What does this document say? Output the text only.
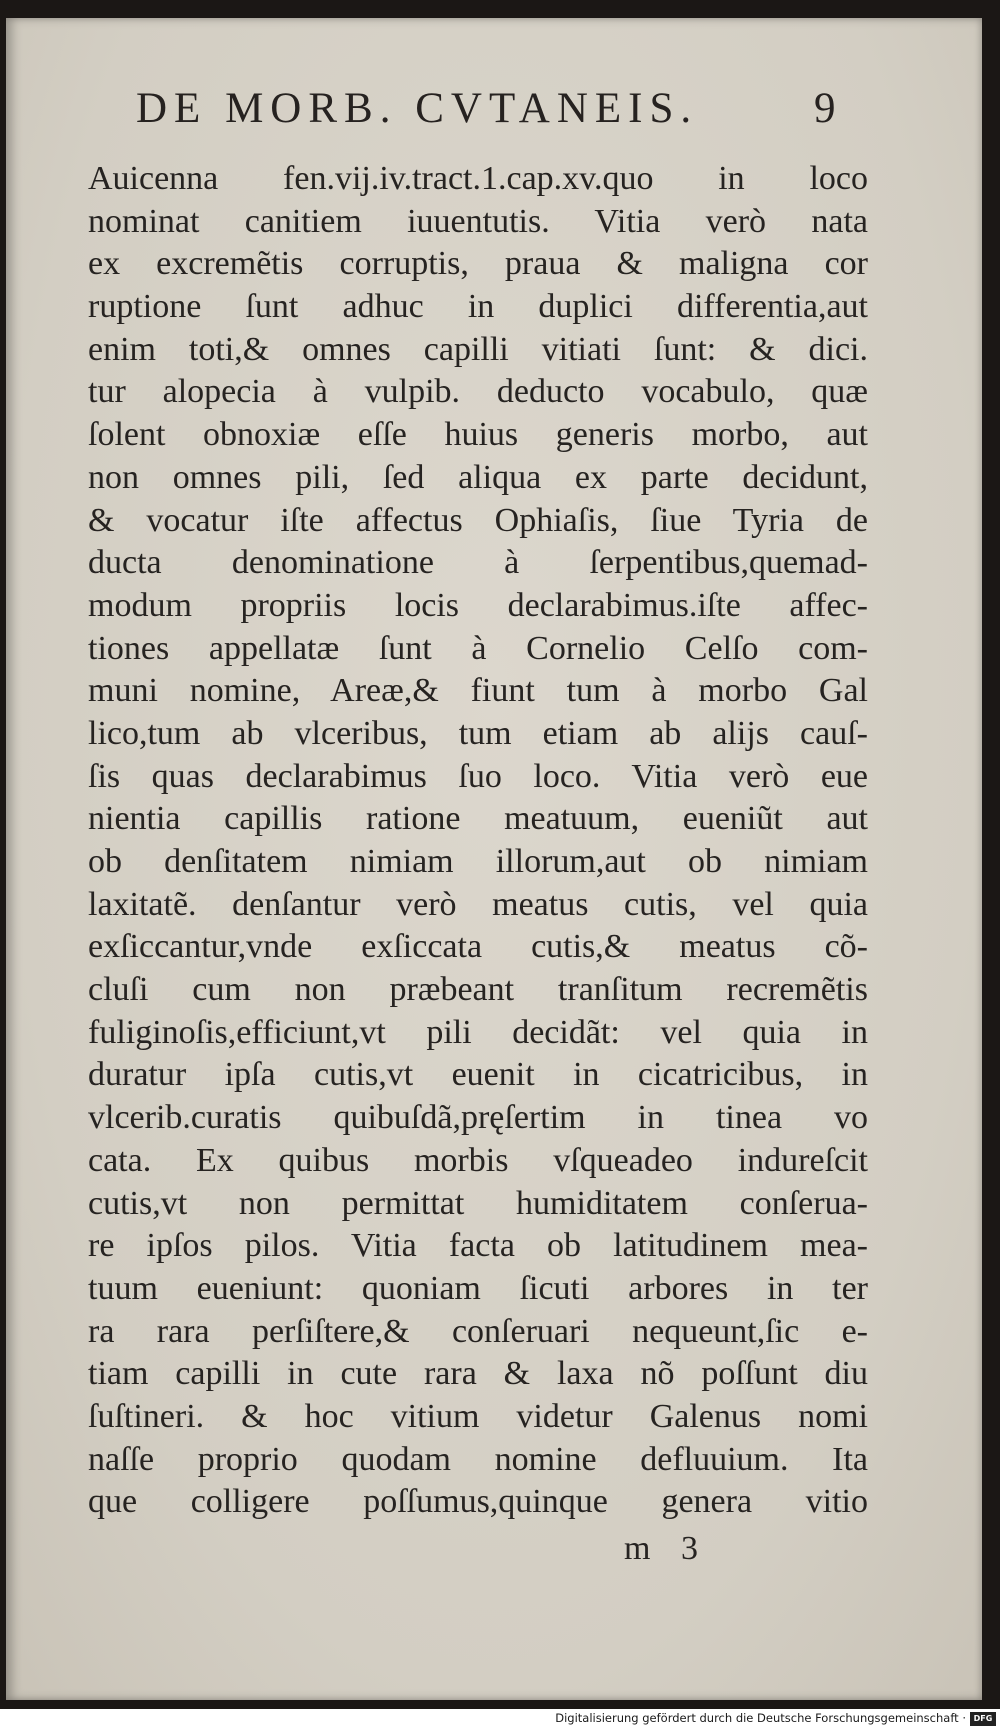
DE MORB. CVTANEIS.	9
Auicenna fen.vij.iv.tract.1.cap.xv.quo in loco
nominat canitiem iuuentutis. Vitia verò nata
ex excremẽtis corruptis, praua & maligna cor
ruptione ſunt adhuc in duplici differentia,aut
enim toti,& omnes capilli vitiati ſunt: & dici.
tur alopecia à vulpib. deducto vocabulo, quæ
ſolent obnoxiæ eſſe huius generis morbo, aut
non omnes pili, ſed aliqua ex parte decidunt,
& vocatur iſte affectus Ophiaſis, ſiue Tyria de
ducta denominatione à ſerpentibus,quemad-
modum propriis locis declarabimus.iſte affec-
tiones appellatæ ſunt à Cornelio Celſo com-
muni nomine, Areæ,& fiunt tum à morbo Gal
lico,tum ab vlceribus, tum etiam ab alijs cauſ-
ſis quas declarabimus ſuo loco. Vitia verò eue
nientia capillis ratione meatuum, eueniũt aut
ob denſitatem nimiam illorum,aut ob nimiam
laxitatẽ. denſantur verò meatus cutis, vel quia
exſiccantur,vnde exſiccata cutis,& meatus cõ-
cluſi cum non præbeant tranſitum recremẽtis
fuliginoſis,efficiunt,vt pili decidãt: vel quia in
duratur ipſa cutis,vt euenit in cicatricibus, in
vlcerib.curatis quibuſdã,pręſertim in tinea vo
cata. Ex quibus morbis vſqueadeo indureſcit
cutis,vt non permittat humiditatem conſerua-
re ipſos pilos. Vitia facta ob latitudinem mea-
tuum eueniunt: quoniam ſicuti arbores in ter
ra rara perſiſtere,& conſeruari nequeunt,ſic e-
tiam capilli in cute rara & laxa nõ poſſunt diu
ſuſtineri. & hoc vitium videtur Galenus nomi
naſſe proprio quodam nomine defluuium. Ita
que colligere poſſumus,quinque genera vitio
m 3
Digitalisierung gefördert durch die Deutsche Forschungsgemeinschaft · DFG
